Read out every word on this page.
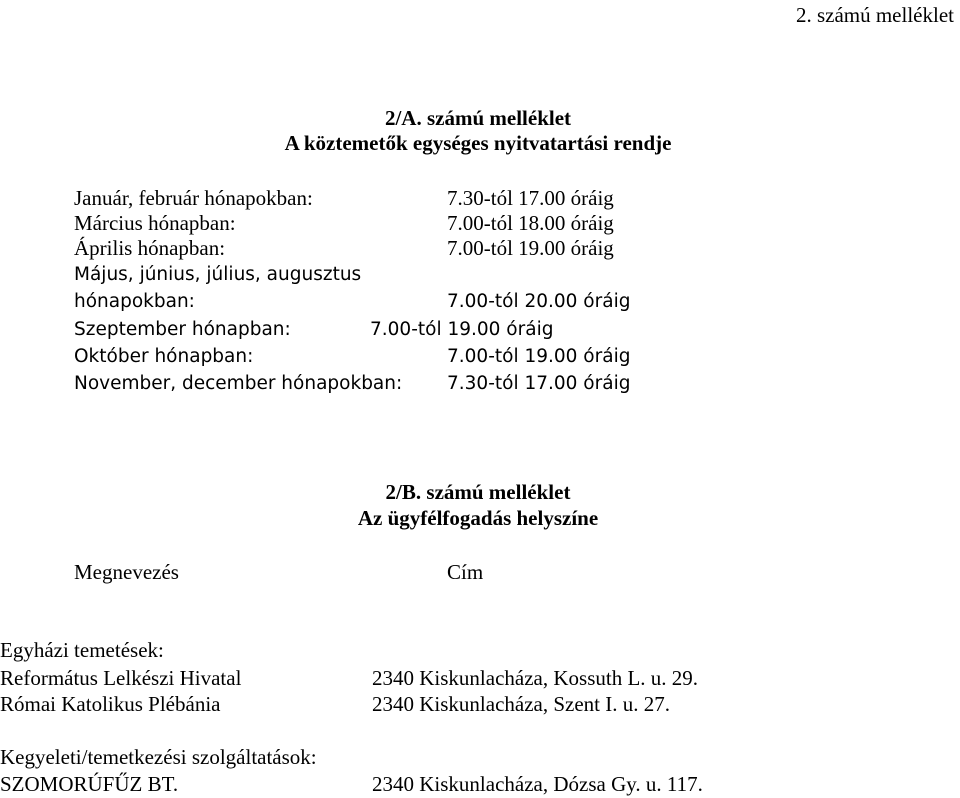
2. számú melléklet
2/A. számú melléklet
A köztemetők egységes nyitvatartási rendje
Január, február hónapokban:	7.30-tól 17.00 óráig
Március hónapban:	7.00-tól 18.00 óráig
Április hónapban:	7.00-tól 19.00 óráig
Május, június, július, augusztus
hónapokban:	7.00-tól 20.00 óráig
Szeptember hónapban:	7.00-tól 19.00 óráig
Október hónapban:	7.00-tól 19.00 óráig
November, december hónapokban: 7.30-tól 17.00 óráig
2/B. számú melléklet
Az ügyfélfogadás helyszíne
Megnevezés	Cím
Egyházi temetések:
Református Lelkészi Hivatal	2340 Kiskunlacháza, Kossuth L. u. 29.
Római Katolikus Plébánia	2340 Kiskunlacháza, Szent I. u. 27.
Kegyeleti/temetkezési szolgáltatások:
SZOMORÚFŰZ BT.	2340 Kiskunlacháza, Dózsa Gy. u. 117.
